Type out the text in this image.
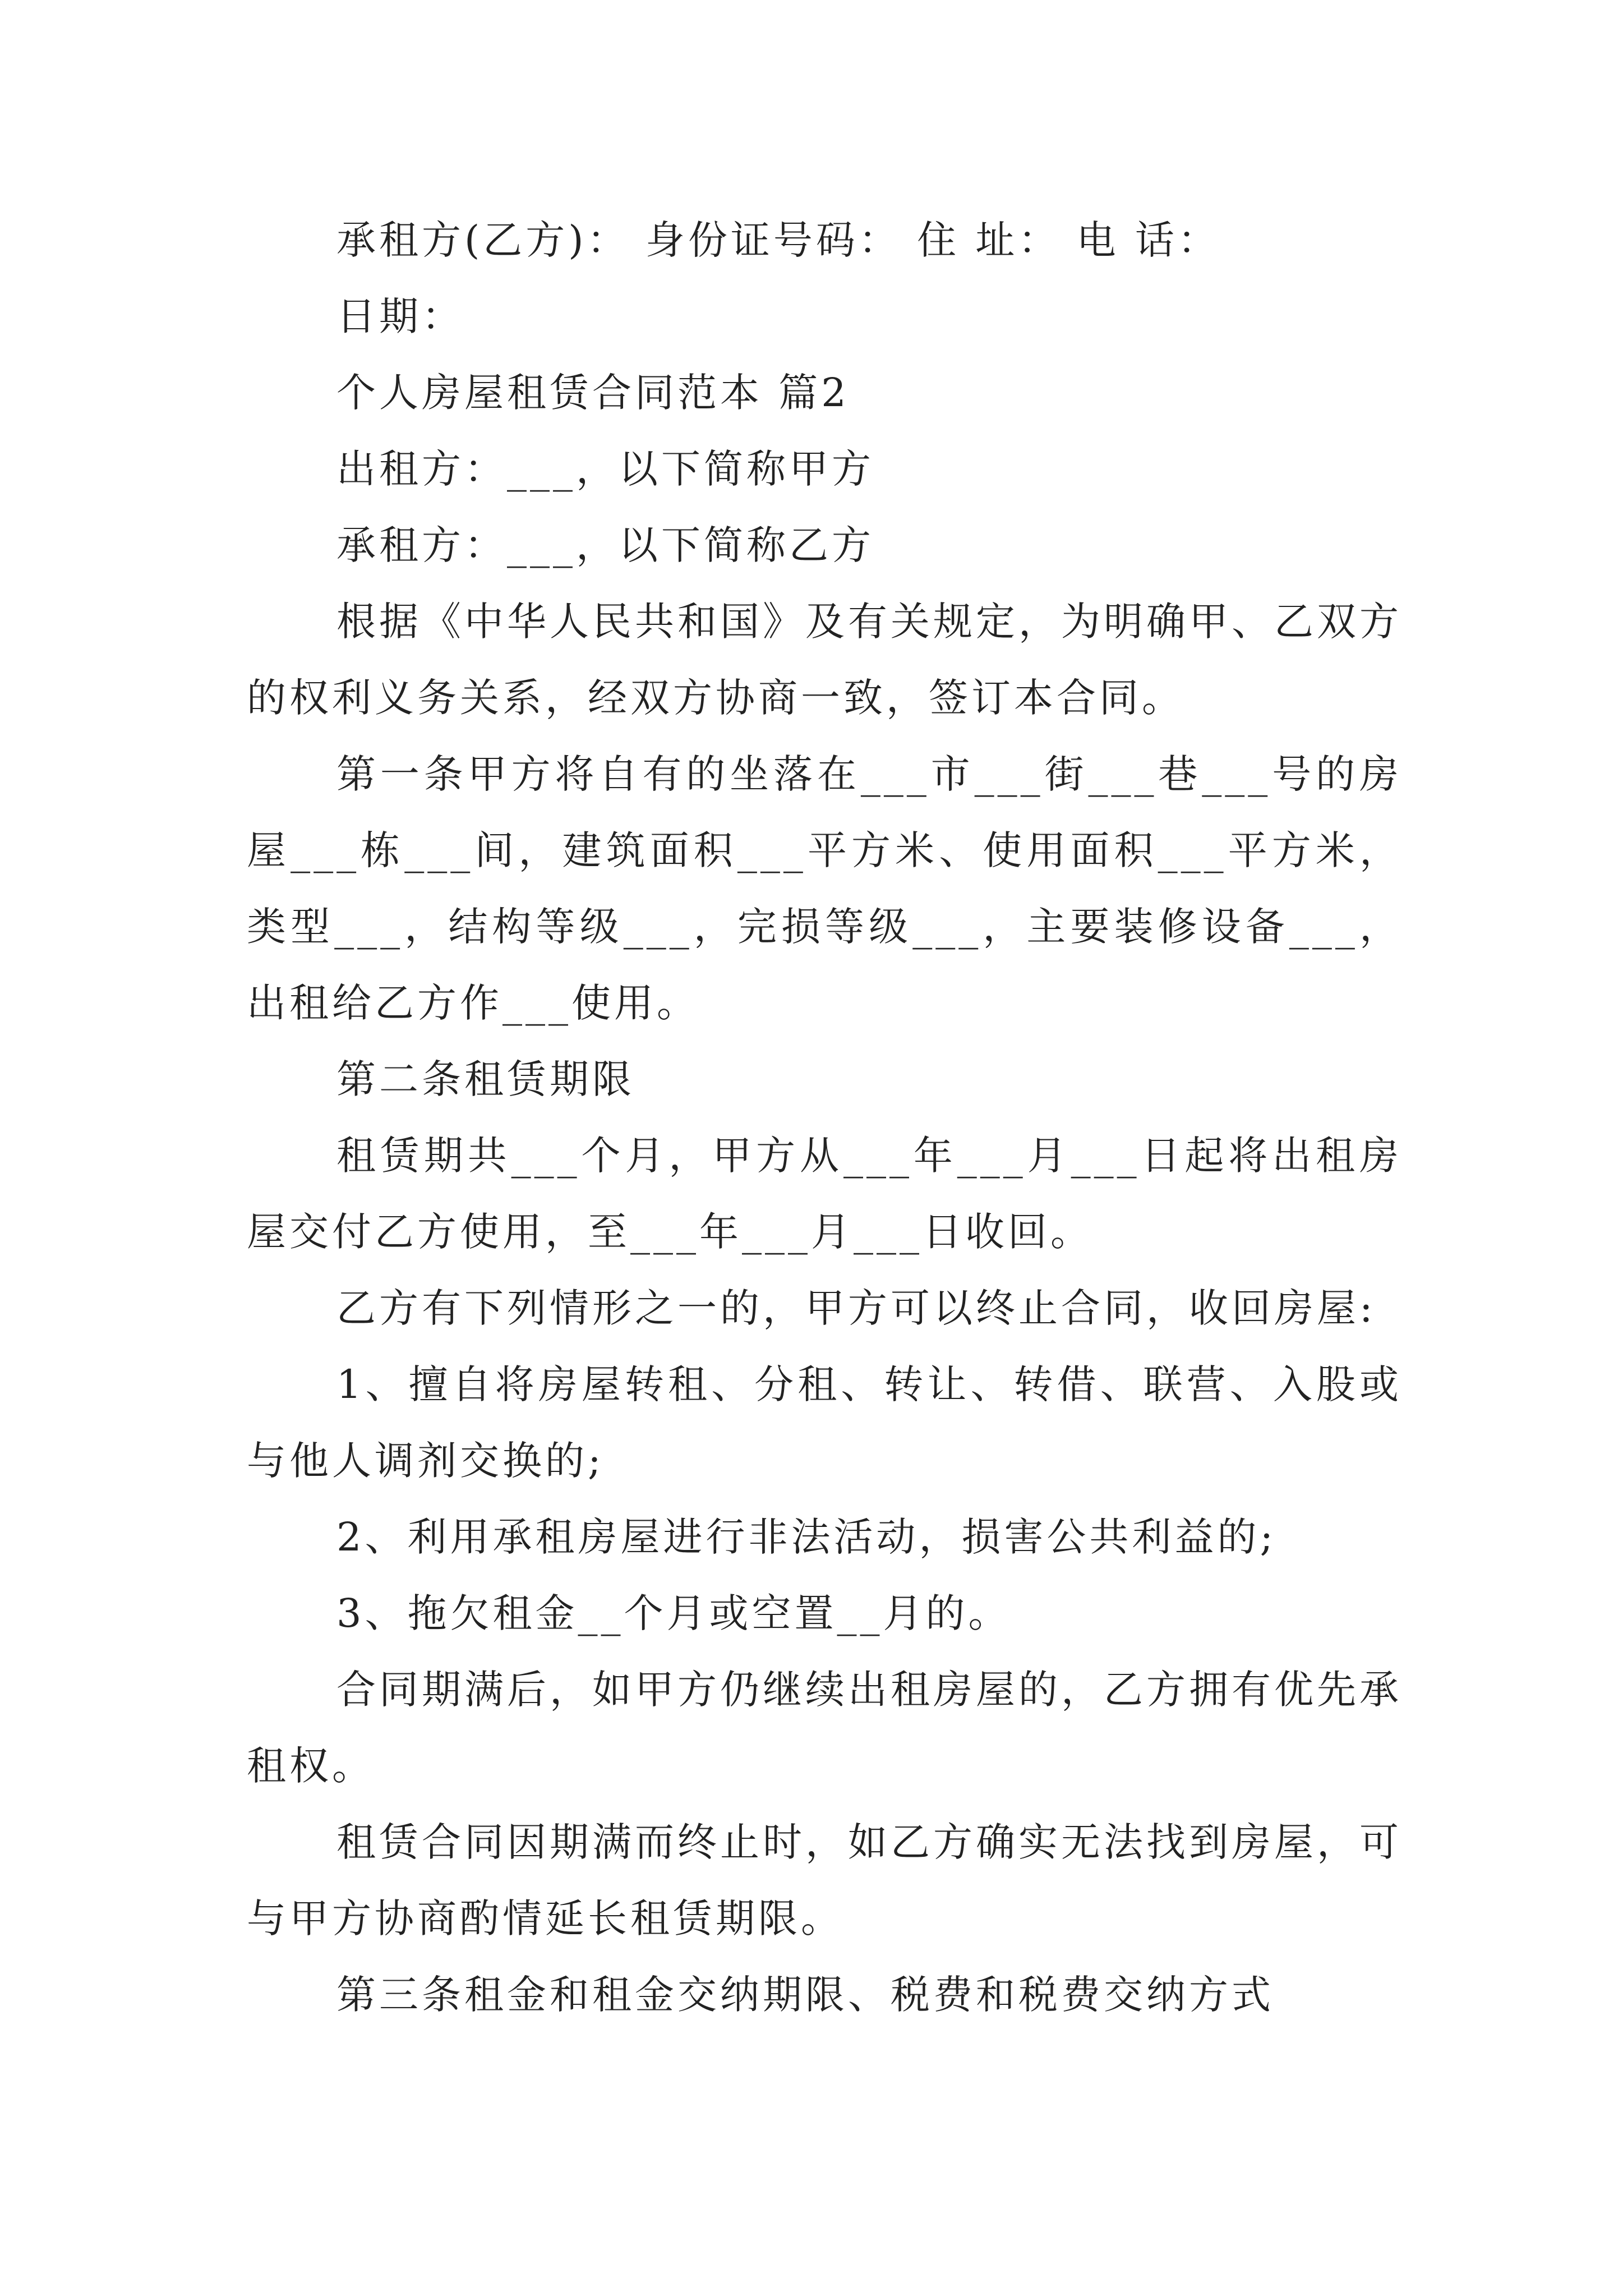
承租方(乙方)： 身份证号码： 住 址： 电 话：
日期：
个人房屋租赁合同范本 篇2
出租方：___，以下简称甲方
承租方：___，以下简称乙方
根据《中华人民共和国》及有关规定，为明确甲、乙双方的权利义务关系，经双方协商一致，签订本合同。
第一条甲方将自有的坐落在___市___街___巷___号的房屋___栋___间，建筑面积___平方米、使用面积___平方米，类型___，结构等级___，完损等级___，主要装修设备___，出租给乙方作___使用。
第二条租赁期限
租赁期共___个月，甲方从___年___月___日起将出租房屋交付乙方使用，至___年___月___日收回。
乙方有下列情形之一的，甲方可以终止合同，收回房屋:
1、擅自将房屋转租、分租、转让、转借、联营、入股或与他人调剂交换的;
2、利用承租房屋进行非法活动，损害公共利益的;
3、拖欠租金__个月或空置__月的。
合同期满后，如甲方仍继续出租房屋的，乙方拥有优先承租权。
租赁合同因期满而终止时，如乙方确实无法找到房屋，可与甲方协商酌情延长租赁期限。
第三条租金和租金交纳期限、税费和税费交纳方式
